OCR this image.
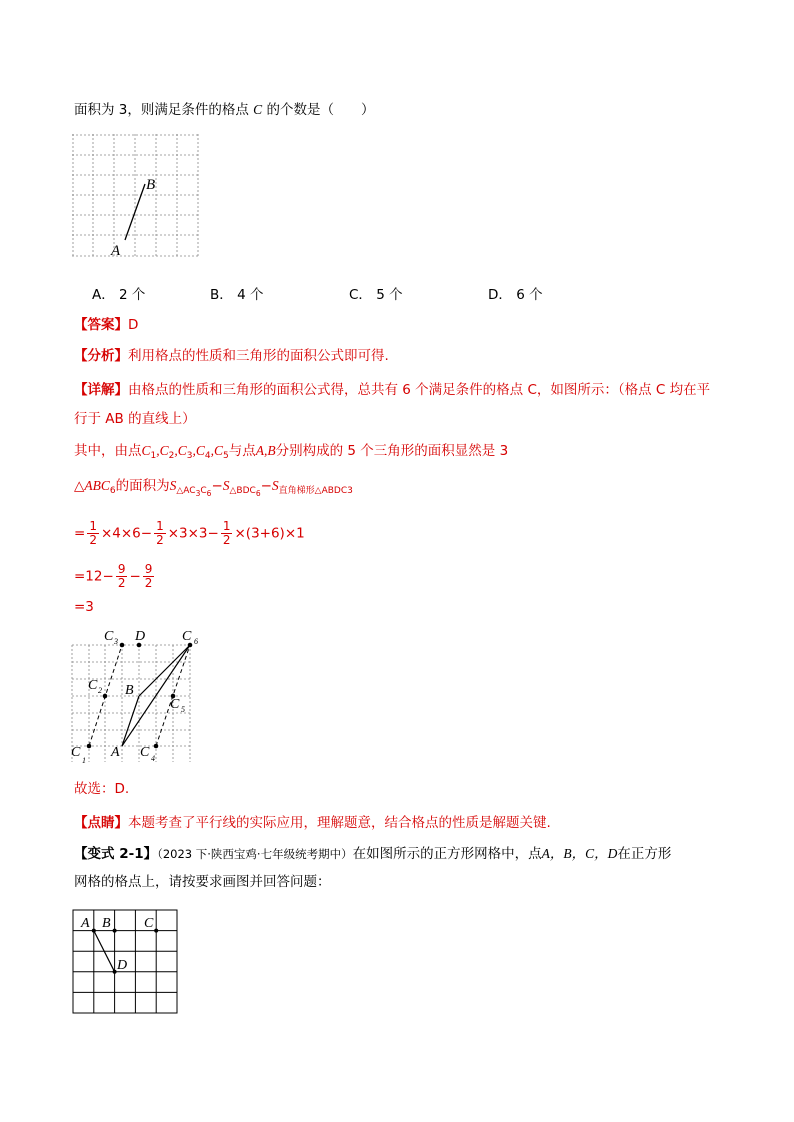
面积为 3，则满足条件的格点 C 的个数是（　　）
B
A
A． 2 个	B． 4 个	C． 5 个	D． 6 个
【答案】D
【分析】利用格点的性质和三角形的面积公式即可得.
【详解】由格点的性质和三角形的面积公式得，总共有 6 个满足条件的格点 C，如图所示：（格点 C 均在平
行于 AB 的直线上）
其中，由点$C_1,C_2,C_3,C_4,C_5$与点A,B分别构成的 5 个三角形的面积显然是 3
$\triangle ABC_6$的面积为$S_{\triangle AC_3C_6}-S_{\triangle BDC_6}-S_{直角梯形\triangle ABDC3}$
= $\frac{1}{2} \times 4\times 6- \frac{1}{2} \times 3\times 3- \frac{1}{2} \times(3+6)\times 1$
$=12- \frac{9}{2} - \frac{9}{2}$
=3
C 3 D	C 6
C 2 B
C 5
C
1
A C 4
故选：D.
【点睛】本题考查了平行线的实际应用，理解题意，结合格点的性质是解题关键.
【变式 2-1】（2023 下·陕西宝鸡·七年级统考期中）在如图所示的正方形网格中，点A，B，C，D在正方形
网格的格点上，请按要求画图并回答问题：
A B C
D
